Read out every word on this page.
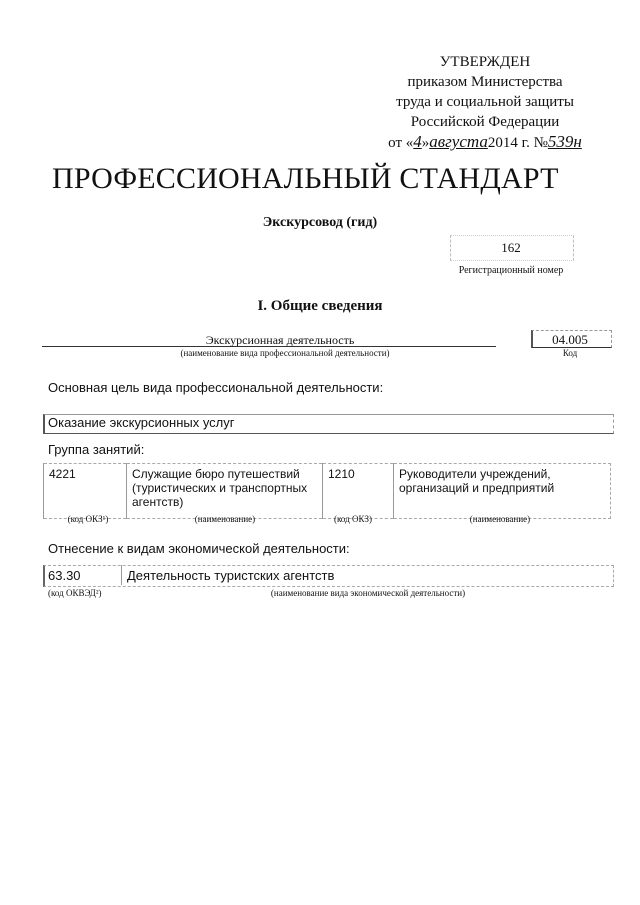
УТВЕРЖДЕН
приказом Министерства
труда и социальной защиты
Российской Федерации
от «4»августа2014 г. №539н
ПРОФЕССИОНАЛЬНЫЙ СТАНДАРТ
Экскурсовод (гид)
162
Регистрационный номер
I. Общие сведения
Экскурсионная деятельность
(наименование вида профессиональной деятельности)
04.005
Код
Основная цель вида профессиональной деятельности:
Оказание экскурсионных услуг
Группа занятий:
4221	Служащие бюро путешествий (туристических и транспортных агентств)	1210	Руководители учреждений, организаций и предприятий
(код ОКЗ¹)	(наименование)	(код ОКЗ)	(наименование)
Отнесение к видам экономической деятельности:
63.30	Деятельность туристских агентств
(код ОКВЭД²)	(наименование вида экономической деятельности)
